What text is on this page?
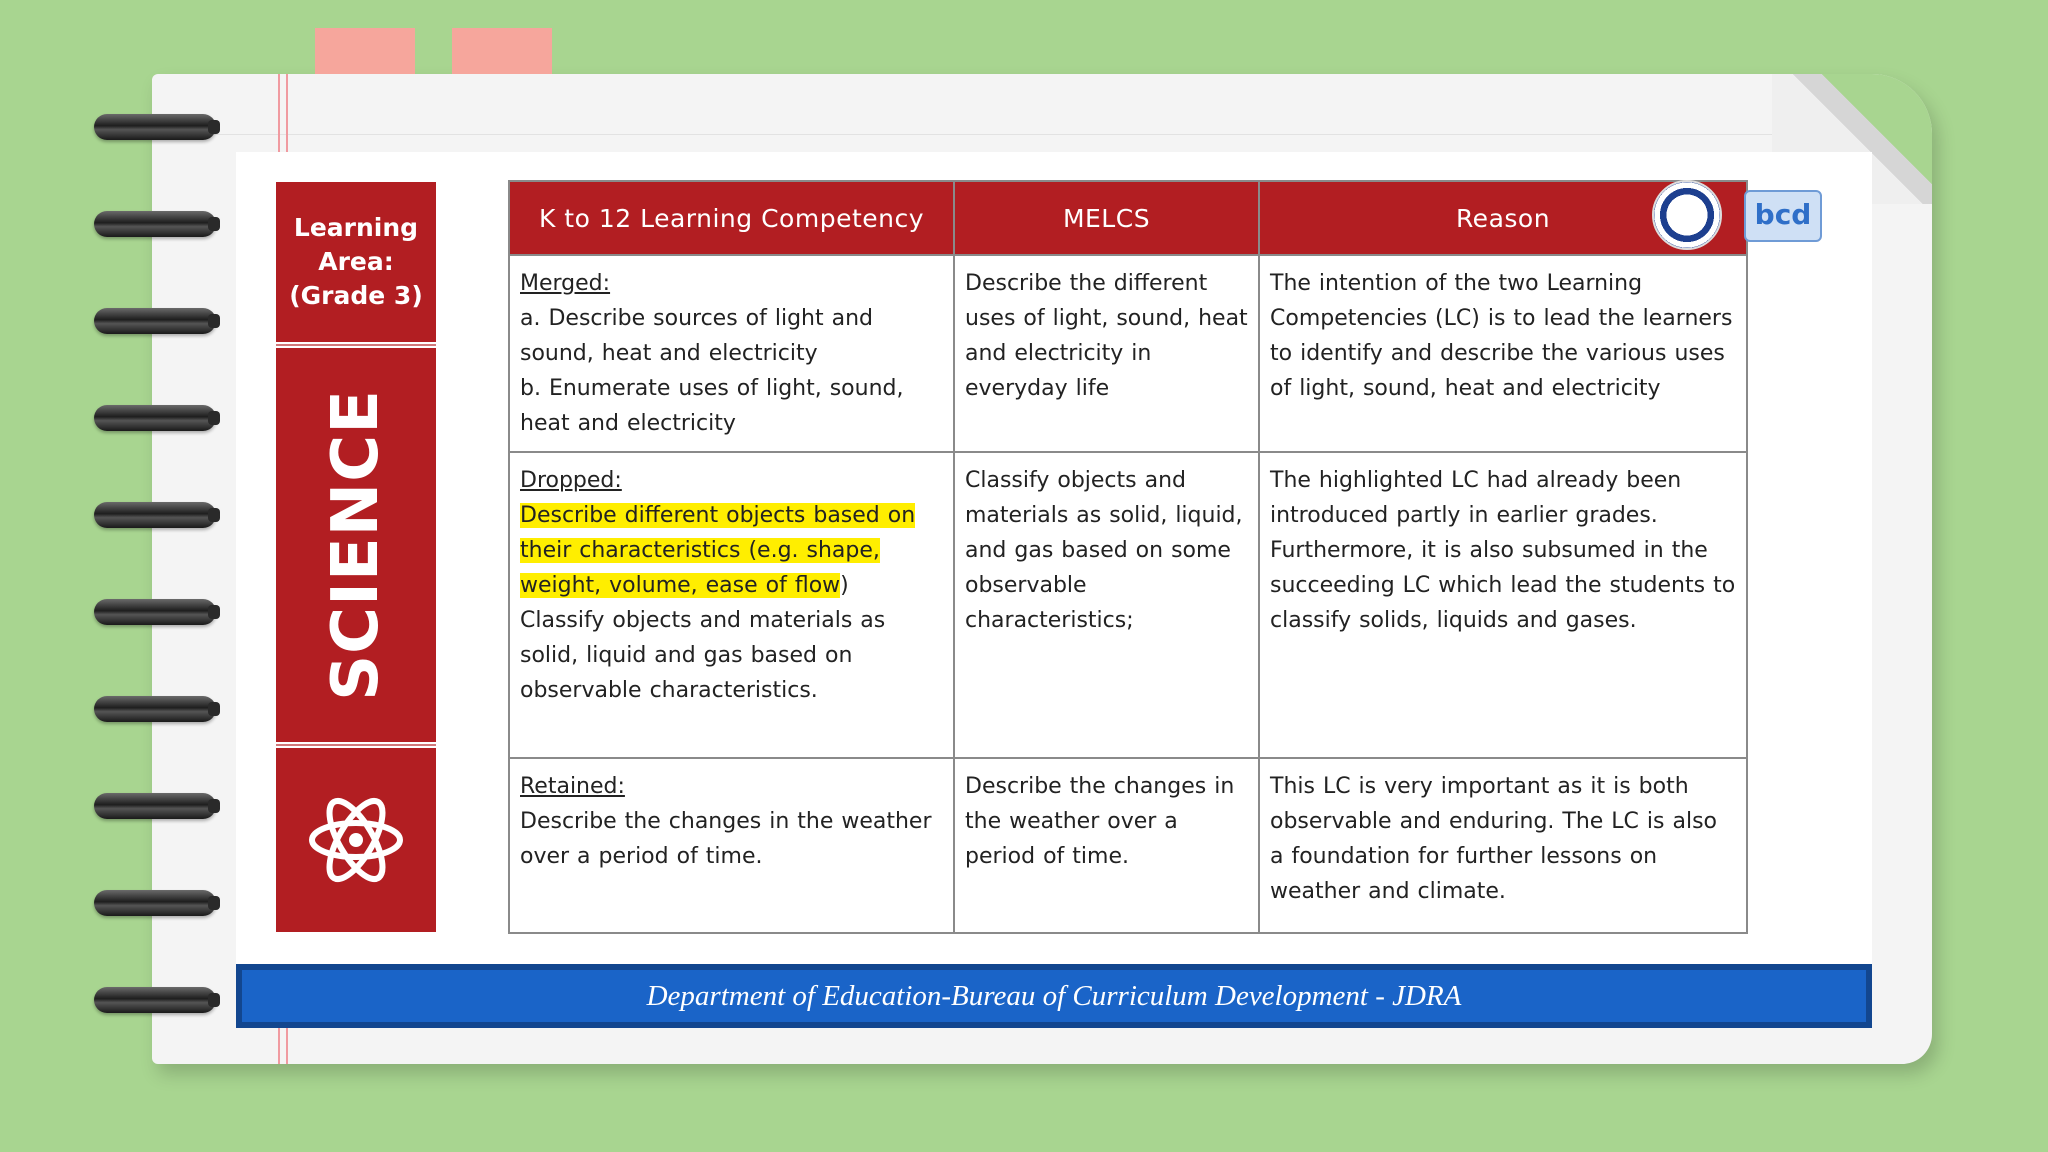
Learning
Area:
(Grade 3)
SCIENCE
K to 12 Learning Competency	MELCS	Reason

Merged:
a. Describe sources of light and sound, heat and electricity
b. Enumerate uses of light, sound, heat and electricity	Describe the different uses of light, sound, heat and electricity in everyday life	The intention of the two Learning Competencies (LC) is to lead the learners to identify and describe the various uses of light, sound, heat and electricity

Dropped:
Describe different objects based on their characteristics (e.g. shape, weight, volume, ease of flow)
Classify objects and materials as solid, liquid and gas based on observable characteristics.	Classify objects and materials as solid, liquid, and gas based on some observable characteristics;	The highlighted LC had already been introduced partly in earlier grades. Furthermore, it is also subsumed in the succeeding LC which lead the students to classify solids, liquids and gases.

Retained:
Describe the changes in the weather over a period of time.	Describe the changes in the weather over a period of time.	This LC is very important as it is both observable and enduring. The LC is also a foundation for further lessons on weather and climate.
bcd
Department of Education-Bureau of Curriculum Development - JDRA
